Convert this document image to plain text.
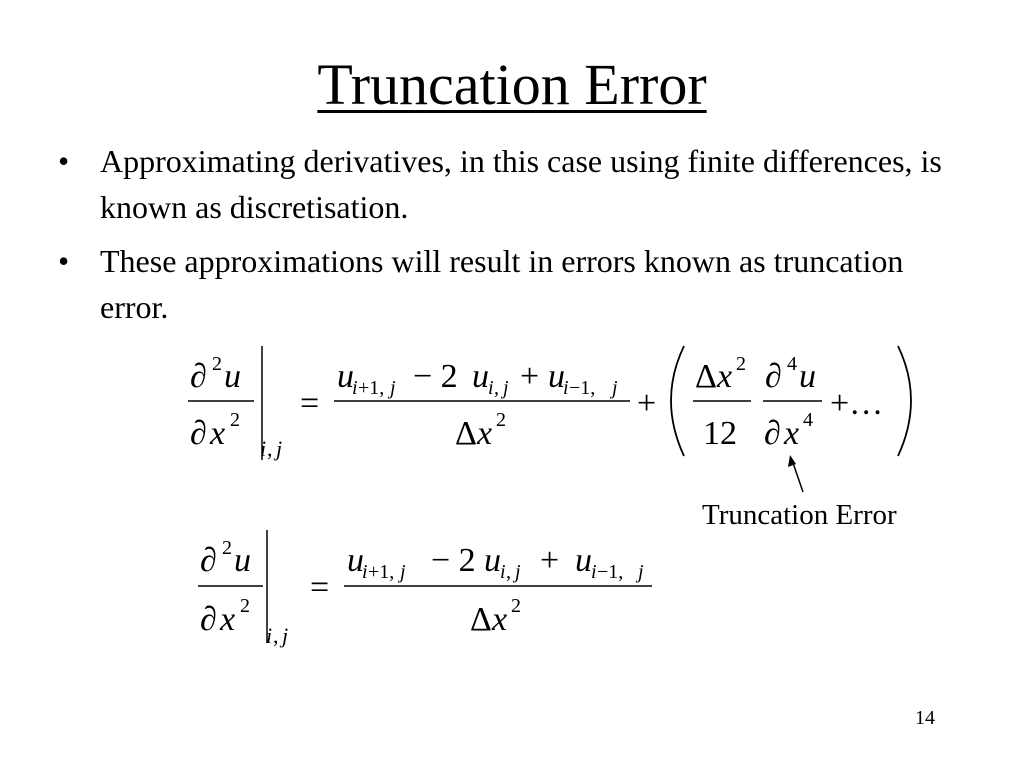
Truncation Error
• Approximating derivatives, in this case using finite differences, is known as discretisation.
• These approximations will result in errors known as truncation error.
∂ 2 u
∂ x 2
i , j
=
u
i +1, j − 2 u i , j + u
i −1, j
Δ x 2	+
Δ x 2
12
∂ 4 u
∂ x 4 +…
Truncation Error
∂ 2 u
∂ x 2
i , j
=
u
i +1, j − 2 u i , j + u i −1, j
Δ x 2
14
